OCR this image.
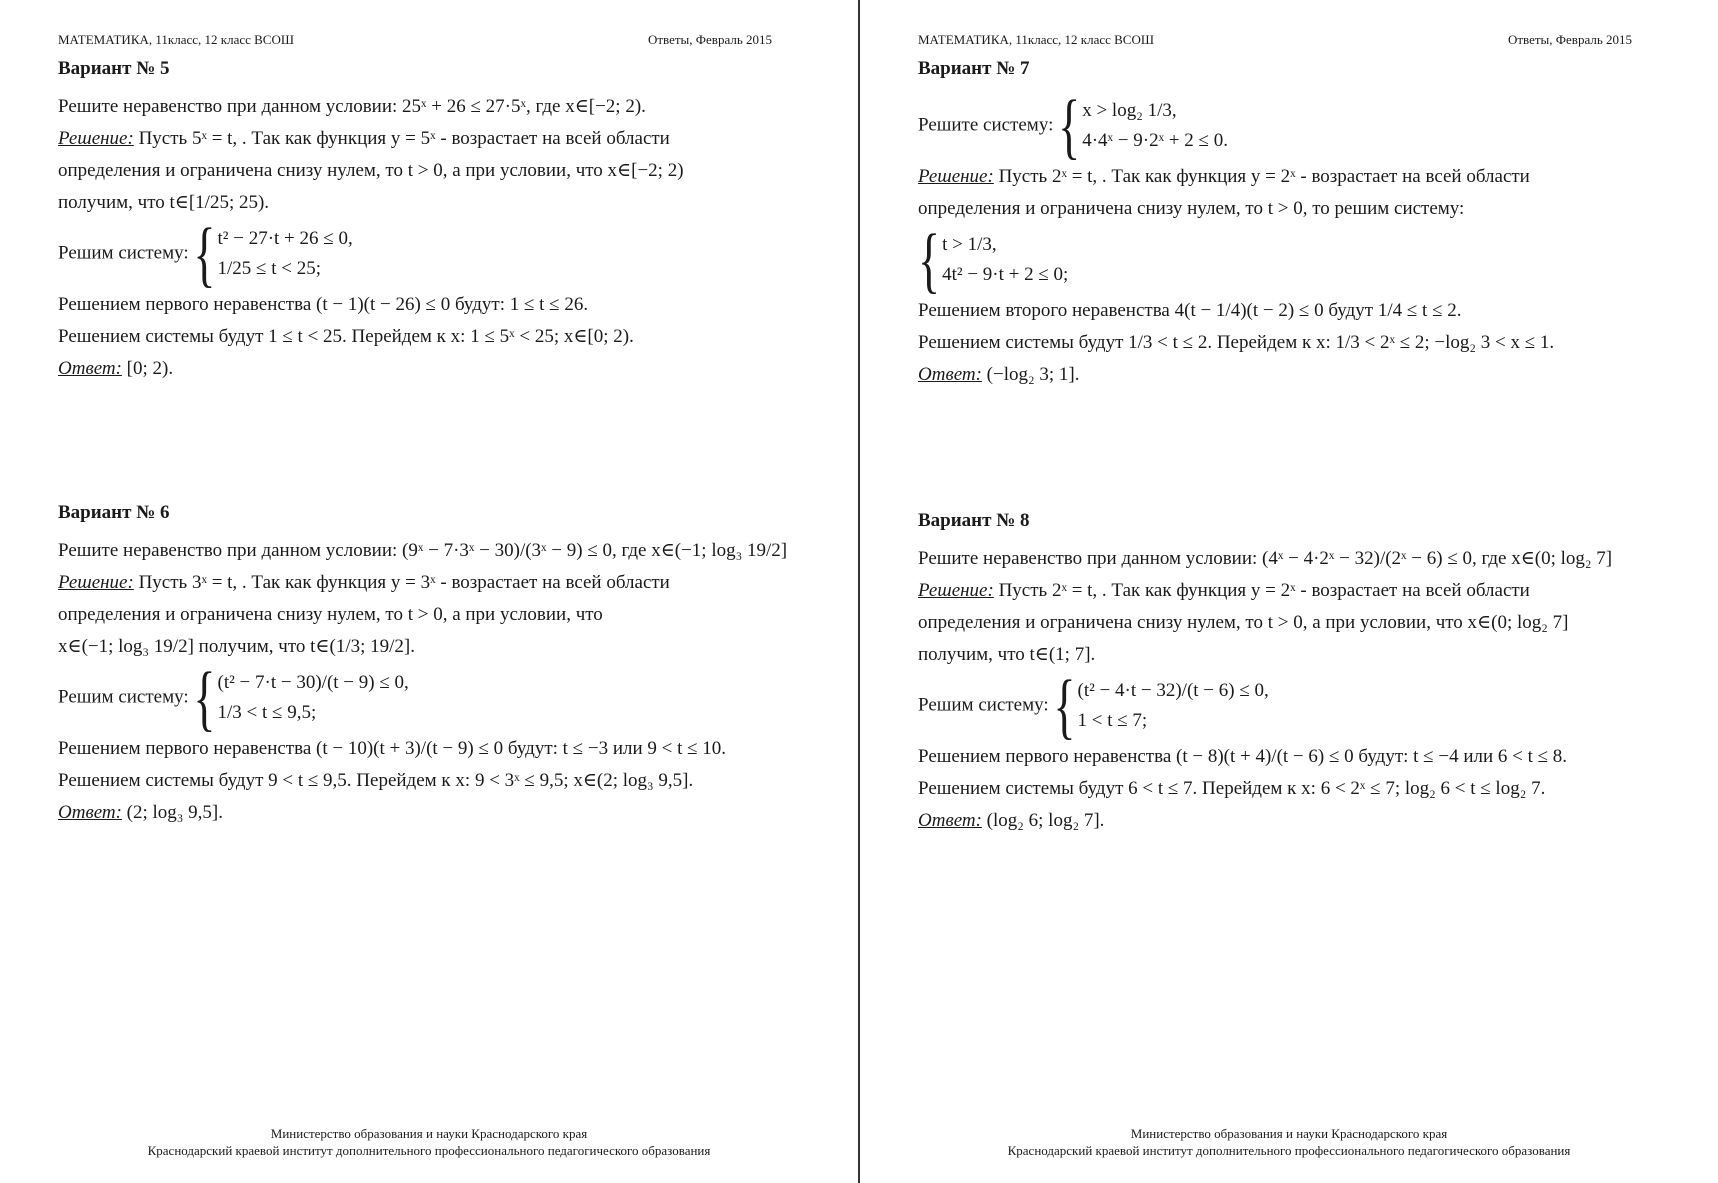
МАТЕМАТИКА, 11класс, 12 класс ВСОШ	Ответы, Февраль 2015
Вариант № 5
Решите неравенство при данном условии: 25ˣ + 26 ≤ 27·5ˣ, где x∈[−2; 2).
Решение: Пусть 5ˣ = t, . Так как функция y = 5ˣ - возрастает на всей области
определения и ограничена снизу нулем, то t > 0, а при условии, что x∈[−2; 2)
получим, что t∈[1/25; 25).
Решим систему: { t² − 27·t + 26 ≤ 0,
1/25 ≤ t < 25;
Решением первого неравенства (t − 1)(t − 26) ≤ 0 будут: 1 ≤ t ≤ 26.
Решением системы будут 1 ≤ t < 25. Перейдем к x: 1 ≤ 5ˣ < 25; x∈[0; 2).
Ответ: [0; 2).
Вариант № 6
Решите неравенство при данном условии: (9ˣ − 7·3ˣ − 30)/(3ˣ − 9) ≤ 0, где x∈(−1; log₃ 19/2]
Решение: Пусть 3ˣ = t, . Так как функция y = 3ˣ - возрастает на всей области
определения и ограничена снизу нулем, то t > 0, а при условии, что
x∈(−1; log₃ 19/2] получим, что t∈(1/3; 19/2].
Решим систему: { (t² − 7·t − 30)/(t − 9) ≤ 0,
1/3 < t ≤ 9,5;
Решением первого неравенства (t − 10)(t + 3)/(t − 9) ≤ 0 будут: t ≤ −3 или 9 < t ≤ 10.
Решением системы будут 9 < t ≤ 9,5. Перейдем к x: 9 < 3ˣ ≤ 9,5; x∈(2; log₃ 9,5].
Ответ: (2; log₃ 9,5].
Министерство образования и науки Краснодарского края
Краснодарский краевой институт дополнительного профессионального педагогического образования
МАТЕМАТИКА, 11класс, 12 класс ВСОШ	Ответы, Февраль 2015
Вариант № 7
Решите систему: { x > log₂ 1/3,
4·4ˣ − 9·2ˣ + 2 ≤ 0.
Решение: Пусть 2ˣ = t, . Так как функция y = 2ˣ - возрастает на всей области
определения и ограничена снизу нулем, то t > 0, то решим систему:
{ t > 1/3,
4t² − 9·t + 2 ≤ 0;
Решением второго неравенства 4(t − 1/4)(t − 2) ≤ 0 будут 1/4 ≤ t ≤ 2.
Решением системы будут 1/3 < t ≤ 2. Перейдем к x: 1/3 < 2ˣ ≤ 2; −log₂ 3 < x ≤ 1.
Ответ: (−log₂ 3; 1].
Вариант № 8
Решите неравенство при данном условии: (4ˣ − 4·2ˣ − 32)/(2ˣ − 6) ≤ 0, где x∈(0; log₂ 7]
Решение: Пусть 2ˣ = t, . Так как функция y = 2ˣ - возрастает на всей области
определения и ограничена снизу нулем, то t > 0, а при условии, что x∈(0; log₂ 7]
получим, что t∈(1; 7].
Решим систему: { (t² − 4·t − 32)/(t − 6) ≤ 0,
1 < t ≤ 7;
Решением первого неравенства (t − 8)(t + 4)/(t − 6) ≤ 0 будут: t ≤ −4 или 6 < t ≤ 8.
Решением системы будут 6 < t ≤ 7. Перейдем к x: 6 < 2ˣ ≤ 7; log₂ 6 < t ≤ log₂ 7.
Ответ: (log₂ 6; log₂ 7].
Министерство образования и науки Краснодарского края
Краснодарский краевой институт дополнительного профессионального педагогического образования
